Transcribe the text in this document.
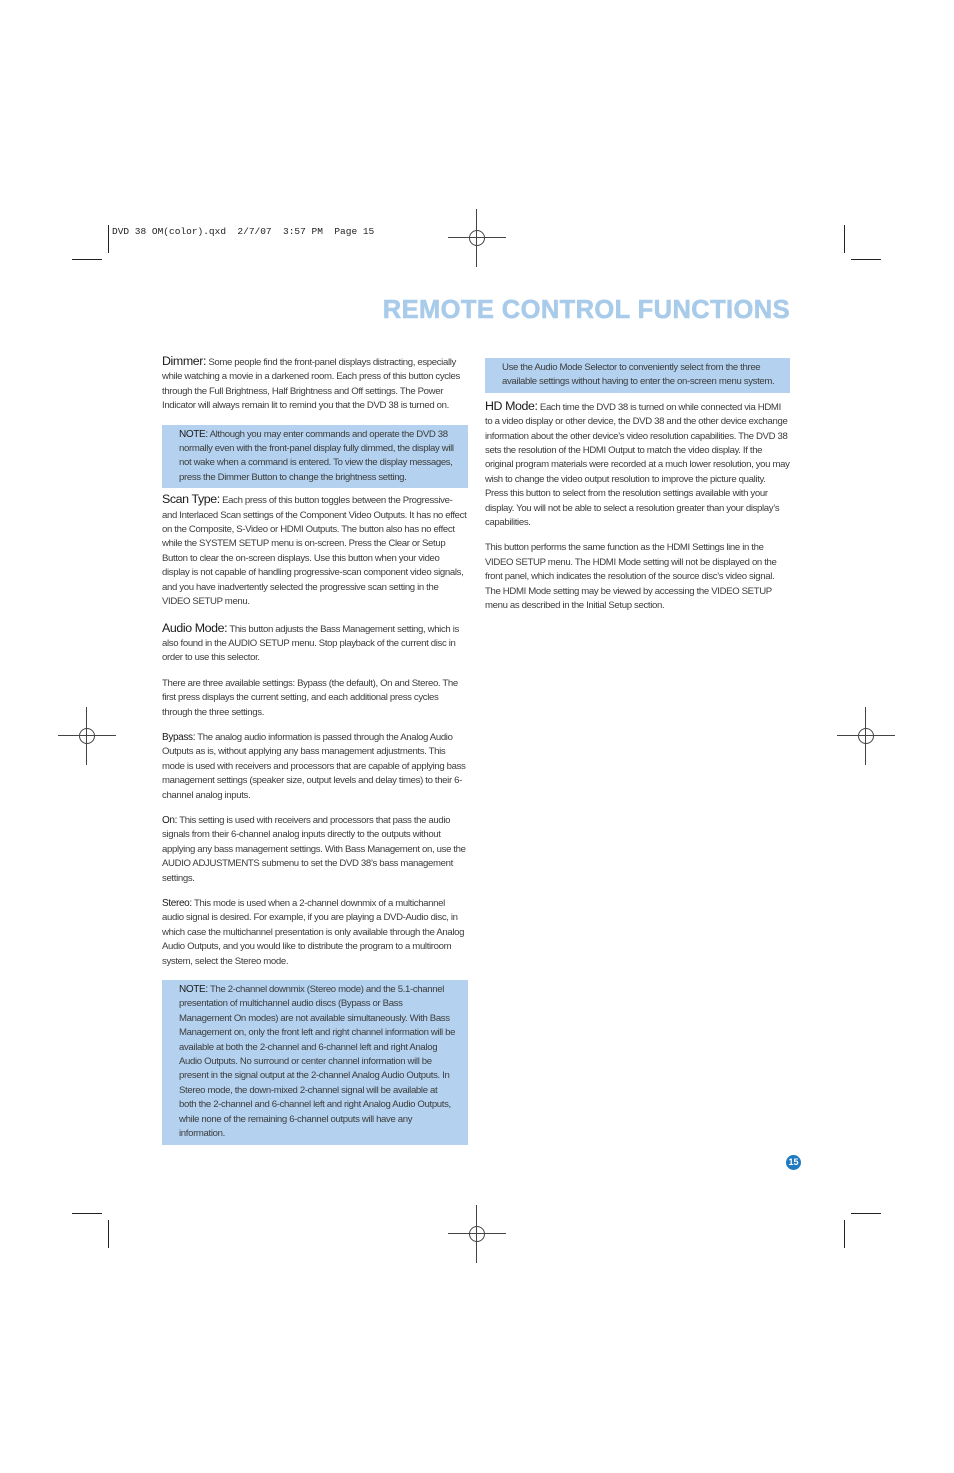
DVD 38 OM(color).qxd  2/7/07  3:57 PM  Page 15
REMOTE CONTROL FUNCTIONS

Dimmer: Some people find the front-panel displays distracting, especially while watching a movie in a darkened room. Each press of this button cycles through the Full Brightness, Half Brightness and Off settings. The Power Indicator will always remain lit to remind you that the DVD 38 is turned on.

NOTE: Although you may enter commands and operate the DVD 38 normally even with the front-panel display fully dimmed, the display will not wake when a command is entered. To view the display messages, press the Dimmer Button to change the brightness setting.

Scan Type: Each press of this button toggles between the Progressive- and Interlaced Scan settings of the Component Video Outputs. It has no effect on the Composite, S-Video or HDMI Outputs. The button also has no effect while the SYSTEM SETUP menu is on-screen. Press the Clear or Setup Button to clear the on-screen displays. Use this button when your video display is not capable of handling progressive-scan component video signals, and you have inadvertently selected the progressive scan setting in the VIDEO SETUP menu.

Audio Mode: This button adjusts the Bass Management setting, which is also found in the AUDIO SETUP menu. Stop playback of the current disc in order to use this selector.

There are three available settings: Bypass (the default), On and Stereo. The first press displays the current setting, and each additional press cycles through the three settings.

Bypass: The analog audio information is passed through the Analog Audio Outputs as is, without applying any bass management adjustments. This mode is used with receivers and processors that are capable of applying bass management settings (speaker size, output levels and delay times) to their 6-channel analog inputs.

On: This setting is used with receivers and processors that pass the audio signals from their 6-channel analog inputs directly to the outputs without applying any bass management settings. With Bass Management on, use the AUDIO ADJUSTMENTS submenu to set the DVD 38’s bass management settings.

Stereo: This mode is used when a 2-channel downmix of a multichannel audio signal is desired. For example, if you are playing a DVD-Audio disc, in which case the multichannel presentation is only available through the Analog Audio Outputs, and you would like to distribute the program to a multiroom system, select the Stereo mode.

NOTE: The 2-channel downmix (Stereo mode) and the 5.1-channel presentation of multichannel audio discs (Bypass or Bass Management On modes) are not available simultaneously. With Bass Management on, only the front left and right channel information will be available at both the 2-channel and 6-channel left and right Analog Audio Outputs. No surround or center channel information will be present in the signal output at the 2-channel Analog Audio Outputs. In Stereo mode, the down-mixed 2-channel signal will be available at both the 2-channel and 6-channel left and right Analog Audio Outputs, while none of the remaining 6-channel outputs will have any information.

Use the Audio Mode Selector to conveniently select from the three available settings without having to enter the on-screen menu system.

HD Mode: Each time the DVD 38 is turned on while connected via HDMI to a video display or other device, the DVD 38 and the other device exchange information about the other device’s video resolution capabilities. The DVD 38 sets the resolution of the HDMI Output to match the video display. If the original program materials were recorded at a much lower resolution, you may wish to change the video output resolution to improve the picture quality. Press this button to select from the resolution settings available with your display. You will not be able to select a resolution greater than your display’s capabilities.

This button performs the same function as the HDMI Settings line in the VIDEO SETUP menu. The HDMI Mode setting will not be displayed on the front panel, which indicates the resolution of the source disc’s video signal. The HDMI Mode setting may be viewed by accessing the VIDEO SETUP menu as described in the Initial Setup section.

15
